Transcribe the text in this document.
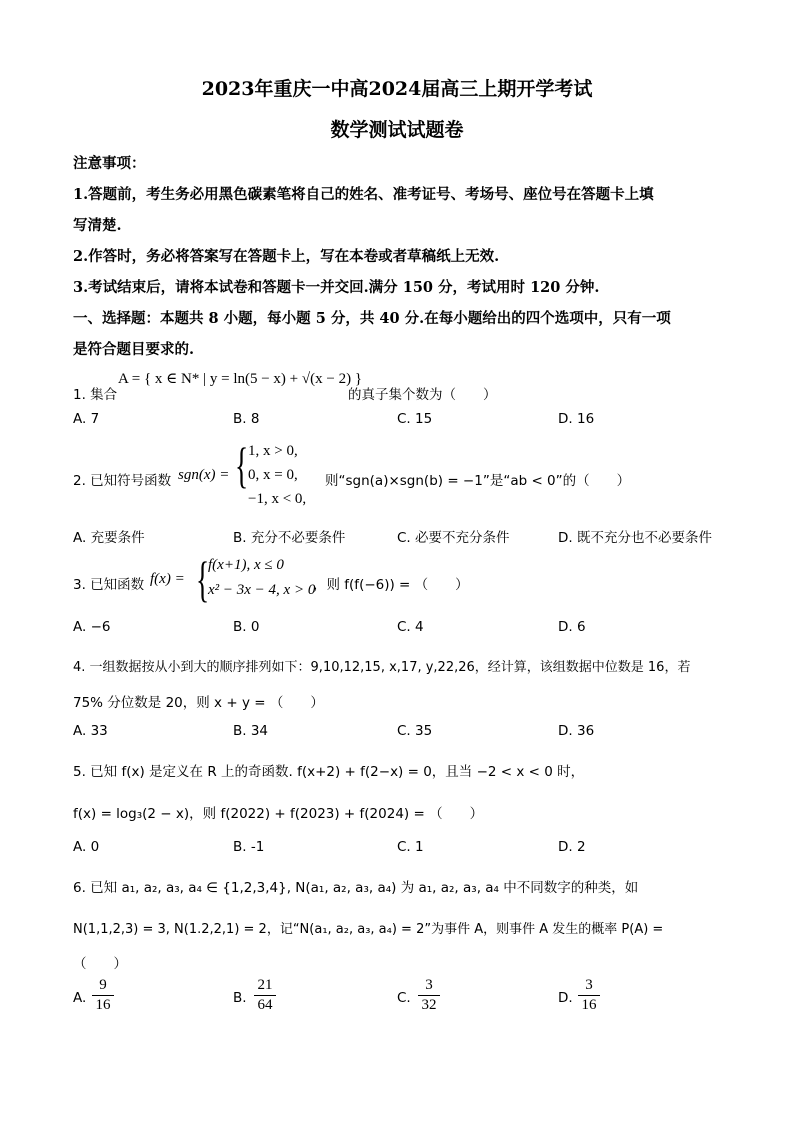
2023年重庆一中高2024届高三上期开学考试
数学测试试题卷
注意事项：
1.答题前，考生务必用黑色碳素笔将自己的姓名、准考证号、考场号、座位号在答题卡上填
写清楚.
2.作答时，务必将答案写在答题卡上，写在本卷或者草稿纸上无效.
3.考试结束后，请将本试卷和答题卡一并交回.满分 150 分，考试用时 120 分钟.
一、选择题：本题共 8 小题，每小题 5 分，共 40 分.在每小题给出的四个选项中，只有一项
是符合题目要求的.
1. 集合
A = { x ∈ N* | y = ln(5 − x) + √(x − 2) }
的真子集个数为（　　）
A. 7	B. 8	C. 15	D. 16
2. 已知符号函数 sgn(x) = { 1, x > 0,
0, x = 0,
−1, x < 0,
则“sgn(a)×sgn(b) = −1”是“ab < 0”的（　　）
A. 充要条件	B. 充分不必要条件	C. 必要不充分条件	D. 既不充分也不必要条件
3. 已知函数 f(x) = {
f(x+1), x ≤ 0
x² − 3x − 4, x > 0
，则 f(f(−6)) = （　　）
A. −6	B. 0	C. 4	D. 6
4. 一组数据按从小到大的顺序排列如下：9,10,12,15, x,17, y,22,26，经计算，该组数据中位数是 16，若
75% 分位数是 20，则 x + y = （　　）
A. 33	B. 34	C. 35	D. 36
5. 已知 f(x) 是定义在 R 上的奇函数. f(x+2) + f(2−x) = 0，且当 −2 < x < 0 时，
f(x) = log₃(2 − x)，则 f(2022) + f(2023) + f(2024) = （　　）
A. 0	B. -1	C. 1	D. 2
6. 已知 a₁, a₂, a₃, a₄ ∈ {1,2,3,4}, N(a₁, a₂, a₃, a₄) 为 a₁, a₂, a₃, a₄ 中不同数字的种类，如
N(1,1,2,3) = 3, N(1.2,2,1) = 2，记“N(a₁, a₂, a₃, a₄) = 2”为事件 A，则事件 A 发生的概率 P(A) =
（　　）
A.
9
16	B.
21
64	C.
3
32	D.
3
16
